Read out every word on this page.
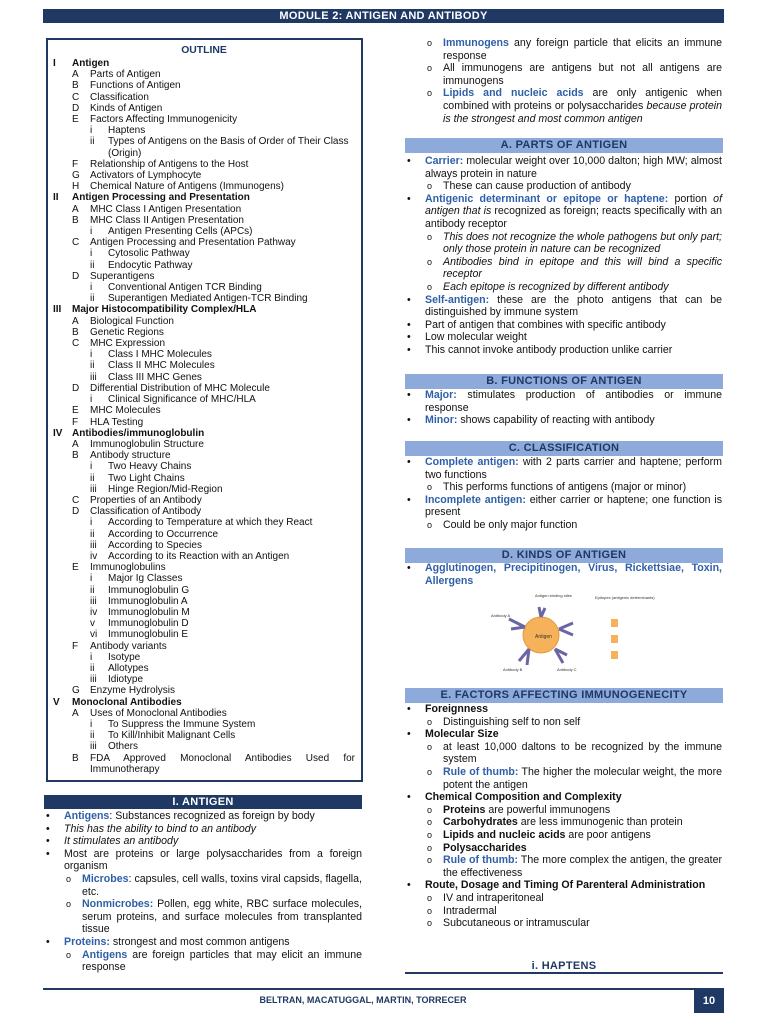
MODULE 2: ANTIGEN AND ANTIBODY
OUTLINE
I	Antigen
A	Parts of Antigen
B	Functions of Antigen
C	Classification
D	Kinds of Antigen
E	Factors Affecting Immunogenicity
i	Haptens
ii	Types of Antigens on the Basis of Order of Their Class (Origin)
F	Relationship of Antigens to the Host
G	Activators of Lymphocyte
H	Chemical Nature of Antigens (Immunogens)
II	Antigen Processing and Presentation
A	MHC Class I Antigen Presentation
B	MHC Class II Antigen Presentation
i	Antigen Presenting Cells (APCs)
C	Antigen Processing and Presentation Pathway
i	Cytosolic Pathway
ii	Endocytic Pathway
D	Superantigens
i	Conventional Antigen TCR Binding
ii	Superantigen Mediated Antigen-TCR Binding
III	Major Histocompatibility Complex/HLA
A	Biological Function
B	Genetic Regions
C	MHC Expression
i	Class I MHC Molecules
ii	Class II MHC Molecules
iii	Class III MHC Genes
D	Differential Distribution of MHC Molecule
i	Clinical Significance of MHC/HLA
E	MHC Molecules
F	HLA Testing
IV Antibodies/immunoglobulin
A	Immunoglobulin Structure
B	Antibody structure
i	Two Heavy Chains
ii	Two Light Chains
iii	Hinge Region/Mid-Region
C	Properties of an Antibody
D	Classification of Antibody
i	According to Temperature at which they React
ii	According to Occurrence
iii	According to Species
iv	According to its Reaction with an Antigen
E	Immunoglobulins
i	Major Ig Classes
ii	Immunoglobulin G
iii	Immunoglobulin A
iv	Immunoglobulin M
v	Immunoglobulin D
vi	Immunoglobulin E
F	Antibody variants
i	Isotype
ii	Allotypes
iii	Idiotype
G	Enzyme Hydrolysis
V	Monoclonal Antibodies
A	Uses of Monoclonal Antibodies
i	To Suppress the Immune System
ii	To Kill/Inhibit Malignant Cells
iii	Others
B	FDA Approved Monoclonal Antibodies Used for Immunotherapy
I. ANTIGEN
•	Antigens: Substances recognized as foreign by body
•	This has the ability to bind to an antibody
•	It stimulates an antibody
•	Most are proteins or large polysaccharides from a foreign organism
o	Microbes: capsules, cell walls, toxins viral capsids, flagella, etc.
o	Nonmicrobes: Pollen, egg white, RBC surface molecules, serum proteins, and surface molecules from transplanted tissue
•	Proteins: strongest and most common antigens
o	Antigens are foreign particles that may elicit an immune response
o	Immunogens any foreign particle that elicits an immune response
o	All immunogens are antigens but not all antigens are immunogens
o	Lipids and nucleic acids are only antigenic when combined with proteins or polysaccharides because protein is the strongest and most common antigen
A. PARTS OF ANTIGEN
•	Carrier: molecular weight over 10,000 dalton; high MW; almost always protein in nature
o	These can cause production of antibody
•	Antigenic determinant or epitope or haptene: portion of antigen that is recognized as foreign; reacts specifically with an antibody receptor
o	This does not recognize the whole pathogens but only part; only those protein in nature can be recognized
o	Antibodies bind in epitope and this will bind a specific receptor
o	Each epitope is recognized by different antibody
•	Self-antigen: these are the photo antigens that can be distinguished by immune system
•	Part of antigen that combines with specific antibody
•	Low molecular weight
•	This cannot invoke antibody production unlike carrier
B. FUNCTIONS OF ANTIGEN
•	Major: stimulates production of antibodies or immune response
•	Minor: shows capability of reacting with antibody
C. CLASSIFICATION
•	Complete antigen: with 2 parts carrier and haptene; perform two functions
o	This performs functions of antigens (major or minor)
•	Incomplete antigen: either carrier or haptene; one function is present
o	Could be only major function
D. KINDS OF ANTIGEN
•	Agglutinogen, Precipitinogen, Virus, Rickettsiae, Toxin, Allergens
Antigen
Antigen binding sites
Antibody A
Antibody B	Antibody C
Epitopes (antigenic determinants)
E. FACTORS AFFECTING IMMUNOGENECITY
•	Foreignness
o	Distinguishing self to non self
•	Molecular Size
o	at least 10,000 daltons to be recognized by the immune system
o	Rule of thumb: The higher the molecular weight, the more potent the antigen
•	Chemical Composition and Complexity
o	Proteins are powerful immunogens
o	Carbohydrates are less immunogenic than protein
o	Lipids and nucleic acids are poor antigens
o	Polysaccharides
o	Rule of thumb: The more complex the antigen, the greater the effectiveness
•	Route, Dosage and Timing Of Parenteral Administration
o	IV and intraperitoneal
o	Intradermal
o	Subcutaneous or intramuscular
i. HAPTENS
BELTRAN, MACATUGGAL, MARTIN, TORRECER	10
